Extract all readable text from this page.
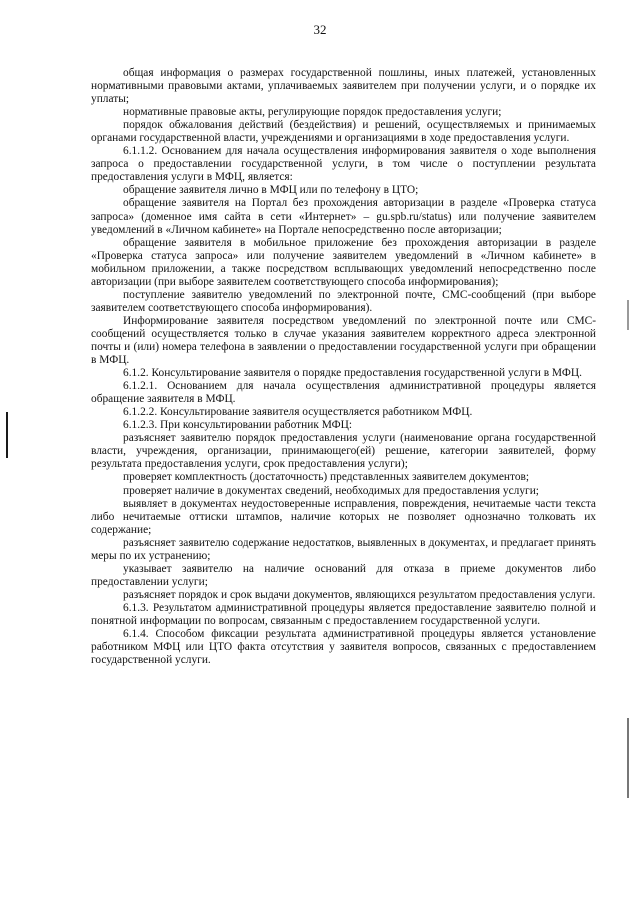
32

общая информация о размерах государственной пошлины, иных платежей, установленных нормативными правовыми актами, уплачиваемых заявителем при получении услуги, и о порядке их уплаты;

нормативные правовые акты, регулирующие порядок предоставления услуги;

порядок обжалования действий (бездействия) и решений, осуществляемых и принимаемых органами государственной власти, учреждениями и организациями в ходе предоставления услуги.

6.1.1.2. Основанием для начала осуществления информирования заявителя о ходе выполнения запроса о предоставлении государственной услуги, в том числе о поступлении результата предоставления услуги в МФЦ, является:

обращение заявителя лично в МФЦ или по телефону в ЦТО;

обращение заявителя на Портал без прохождения авторизации в разделе «Проверка статуса запроса» (доменное имя сайта в сети «Интернет» – gu.spb.ru/status) или получение заявителем уведомлений в «Личном кабинете» на Портале непосредственно после авторизации;

обращение заявителя в мобильное приложение без прохождения авторизации в разделе «Проверка статуса запроса» или получение заявителем уведомлений в «Личном кабинете» в мобильном приложении, а также посредством всплывающих уведомлений непосредственно после авторизации (при выборе заявителем соответствующего способа информирования);

поступление заявителю уведомлений по электронной почте, СМС-сообщений (при выборе заявителем соответствующего способа информирования).

Информирование заявителя посредством уведомлений по электронной почте или СМС-сообщений осуществляется только в случае указания заявителем корректного адреса электронной почты и (или) номера телефона в заявлении о предоставлении государственной услуги при обращении в МФЦ.

6.1.2. Консультирование заявителя о порядке предоставления государственной услуги в МФЦ.

6.1.2.1. Основанием для начала осуществления административной процедуры является обращение заявителя в МФЦ.

6.1.2.2. Консультирование заявителя осуществляется работником МФЦ.

6.1.2.3. При консультировании работник МФЦ:

разъясняет заявителю порядок предоставления услуги (наименование органа государственной власти, учреждения, организации, принимающего(ей) решение, категории заявителей, форму результата предоставления услуги, срок предоставления услуги);

проверяет комплектность (достаточность) представленных заявителем документов;

проверяет наличие в документах сведений, необходимых для предоставления услуги;

выявляет в документах неудостоверенные исправления, повреждения, нечитаемые части текста либо нечитаемые оттиски штампов, наличие которых не позволяет однозначно толковать их содержание;

разъясняет заявителю содержание недостатков, выявленных в документах, и предлагает принять меры по их устранению;

указывает заявителю на наличие оснований для отказа в приеме документов либо предоставлении услуги;

разъясняет порядок и срок выдачи документов, являющихся результатом предоставления услуги.

6.1.3. Результатом административной процедуры является предоставление заявителю полной и понятной информации по вопросам, связанным с предоставлением государственной услуги.

6.1.4. Способом фиксации результата административной процедуры является установление работником МФЦ или ЦТО факта отсутствия у заявителя вопросов, связанных с предоставлением государственной услуги.
